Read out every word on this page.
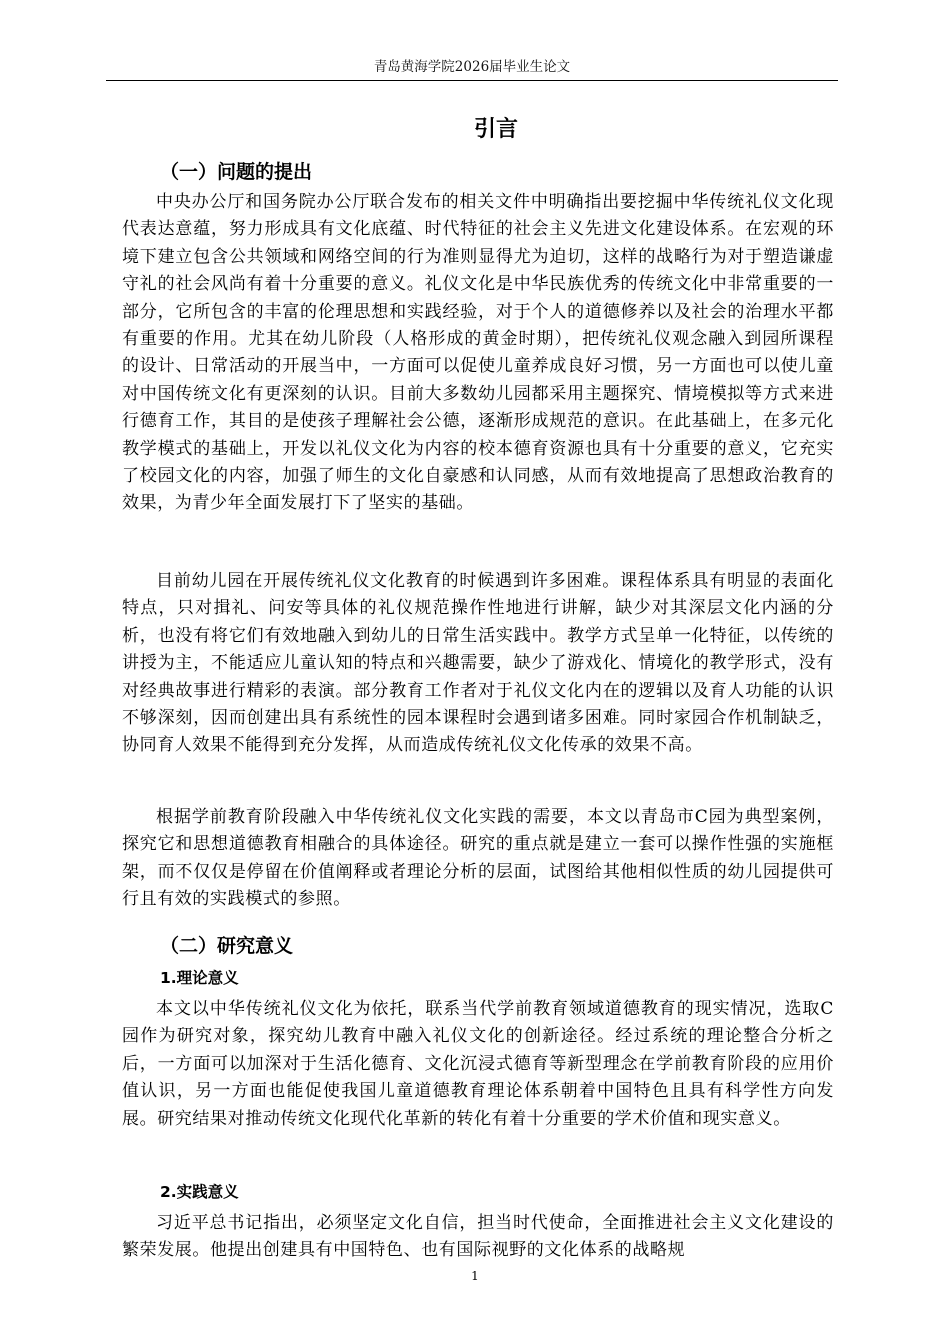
青岛黄海学院2026届毕业生论文
引言
（一）问题的提出

中央办公厅和国务院办公厅联合发布的相关文件中明确指出要挖掘中华传统礼仪文化现代表达意蕴，努力形成具有文化底蕴、时代特征的社会主义先进文化建设体系。在宏观的环境下建立包含公共领域和网络空间的行为准则显得尤为迫切，这样的战略行为对于塑造谦虚守礼的社会风尚有着十分重要的意义。礼仪文化是中华民族优秀的传统文化中非常重要的一部分，它所包含的丰富的伦理思想和实践经验，对于个人的道德修养以及社会的治理水平都有重要的作用。尤其在幼儿阶段（人格形成的黄金时期），把传统礼仪观念融入到园所课程的设计、日常活动的开展当中，一方面可以促使儿童养成良好习惯，另一方面也可以使儿童对中国传统文化有更深刻的认识。目前大多数幼儿园都采用主题探究、情境模拟等方式来进行德育工作，其目的是使孩子理解社会公德，逐渐形成规范的意识。在此基础上，在多元化教学模式的基础上，开发以礼仪文化为内容的校本德育资源也具有十分重要的意义，它充实了校园文化的内容，加强了师生的文化自豪感和认同感，从而有效地提高了思想政治教育的效果，为青少年全面发展打下了坚实的基础。

目前幼儿园在开展传统礼仪文化教育的时候遇到许多困难。课程体系具有明显的表面化特点，只对揖礼、问安等具体的礼仪规范操作性地进行讲解，缺少对其深层文化内涵的分析，也没有将它们有效地融入到幼儿的日常生活实践中。教学方式呈单一化特征，以传统的讲授为主，不能适应儿童认知的特点和兴趣需要，缺少了游戏化、情境化的教学形式，没有对经典故事进行精彩的表演。部分教育工作者对于礼仪文化内在的逻辑以及育人功能的认识不够深刻，因而创建出具有系统性的园本课程时会遇到诸多困难。同时家园合作机制缺乏，协同育人效果不能得到充分发挥，从而造成传统礼仪文化传承的效果不高。

根据学前教育阶段融入中华传统礼仪文化实践的需要，本文以青岛市C园为典型案例，探究它和思想道德教育相融合的具体途径。研究的重点就是建立一套可以操作性强的实施框架，而不仅仅是停留在价值阐释或者理论分析的层面，试图给其他相似性质的幼儿园提供可行且有效的实践模式的参照。

（二）研究意义
1.理论意义

本文以中华传统礼仪文化为依托，联系当代学前教育领域道德教育的现实情况，选取C园作为研究对象，探究幼儿教育中融入礼仪文化的创新途径。经过系统的理论整合分析之后，一方面可以加深对于生活化德育、文化沉浸式德育等新型理念在学前教育阶段的应用价值认识，另一方面也能促使我国儿童道德教育理论体系朝着中国特色且具有科学性方向发展。研究结果对推动传统文化现代化革新的转化有着十分重要的学术价值和现实意义。

2.实践意义

习近平总书记指出，必须坚定文化自信，担当时代使命，全面推进社会主义文化建设的繁荣发展。他提出创建具有中国特色、也有国际视野的文化体系的战略规

1
